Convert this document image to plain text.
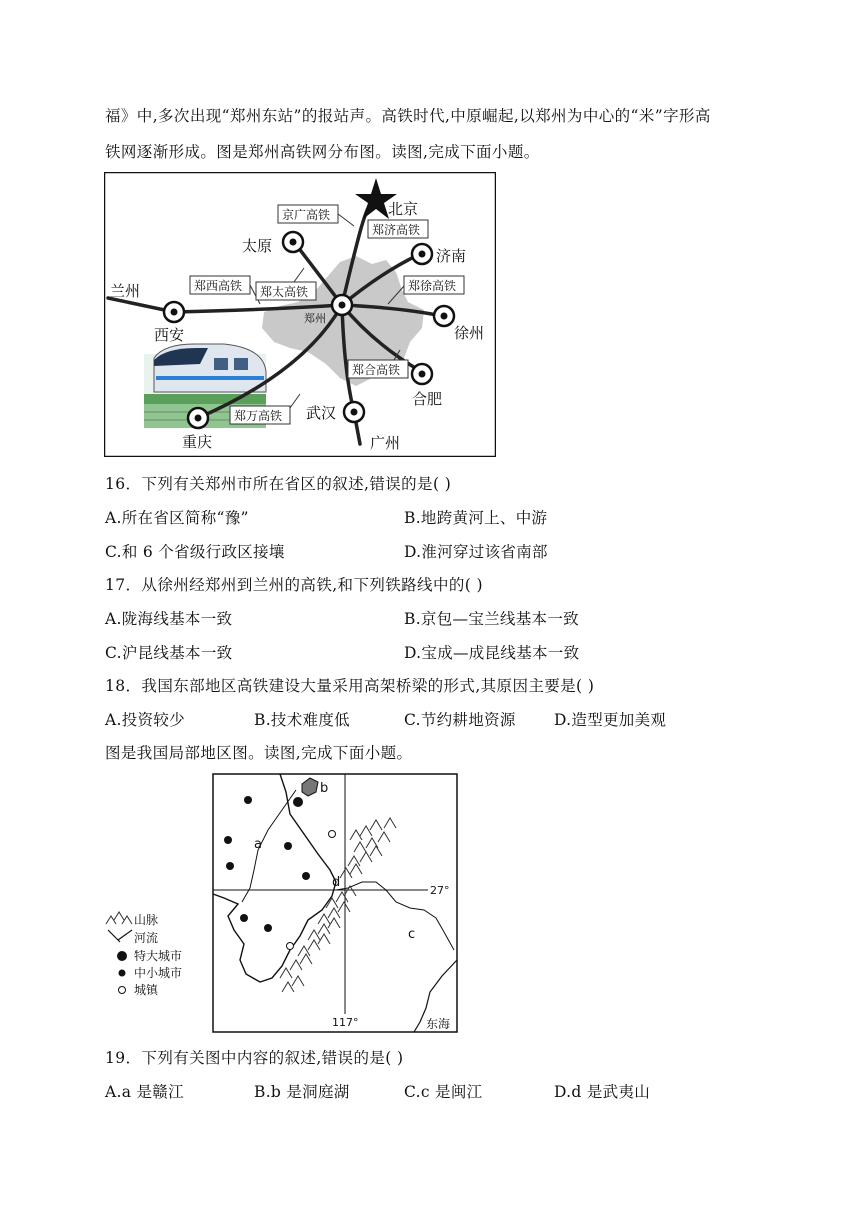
福》中,多次出现“郑州东站”的报站声。高铁时代,中原崛起,以郑州为中心的“米”字形高
铁网逐渐形成。图是郑州高铁网分布图。读图,完成下面小题。
北京
太原
济南
兰州
西安	徐州
合肥
武汉
重庆	广州
郑州
京广高铁
郑济高铁
郑西高铁 郑太高铁	郑徐高铁
郑合高铁
郑万高铁
16．下列有关郑州市所在省区的叙述,错误的是( )
A.所在省区简称“豫”	B.地跨黄河上、中游
C.和 6 个省级行政区接壤	D.淮河穿过该省南部
17．从徐州经郑州到兰州的高铁,和下列铁路线中的( )
A.陇海线基本一致	B.京包—宝兰线基本一致
C.沪昆线基本一致	D.宝成—成昆线基本一致
18．我国东部地区高铁建设大量采用高架桥梁的形式,其原因主要是( )
A.投资较少	B.技术难度低	C.节约耕地资源 D.造型更加美观
图是我国局部地区图。读图,完成下面小题。
a
b
c
d
27°
117°	东海
山脉
河流
特大城市
中小城市
城镇
19．下列有关图中内容的叙述,错误的是( )
A.a 是赣江	B.b 是洞庭湖	C.c 是闽江	D.d 是武夷山
